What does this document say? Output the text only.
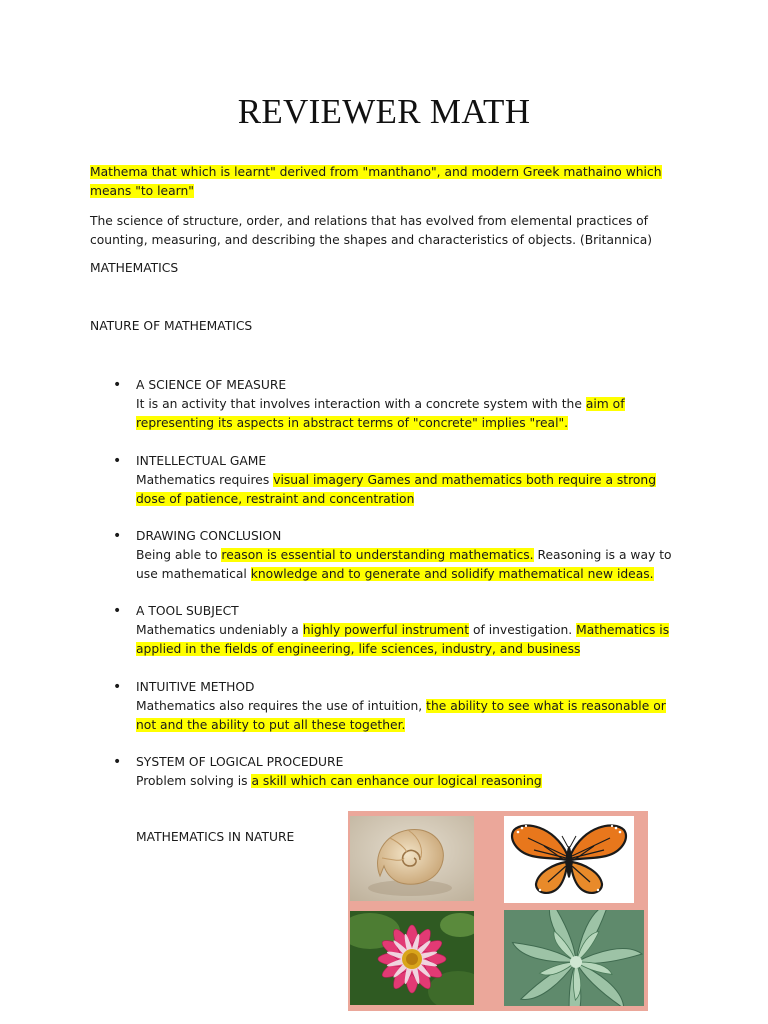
REVIEWER MATH
Mathema that which is learnt" derived from "manthano", and modern Greek mathaino which means "to learn"
The science of structure, order, and relations that has evolved from elemental practices of counting, measuring, and describing the shapes and characteristics of objects. (Britannica)
MATHEMATICS
NATURE OF MATHEMATICS
• A SCIENCE OF MEASURE
It is an activity that involves interaction with a concrete system with the aim of representing its aspects in abstract terms of "concrete" implies "real".
• INTELLECTUAL GAME
Mathematics requires visual imagery Games and mathematics both require a strong dose of patience, restraint and concentration
• DRAWING CONCLUSION
Being able to reason is essential to understanding mathematics. Reasoning is a way to use mathematical knowledge and to generate and solidify mathematical new ideas.
• A TOOL SUBJECT
Mathematics undeniably a highly powerful instrument of investigation. Mathematics is applied in the fields of engineering, life sciences, industry, and business
• INTUITIVE METHOD
Mathematics also requires the use of intuition, the ability to see what is reasonable or not and the ability to put all these together.
• SYSTEM OF LOGICAL PROCEDURE
Problem solving is a skill which can enhance our logical reasoning
MATHEMATICS IN NATURE
